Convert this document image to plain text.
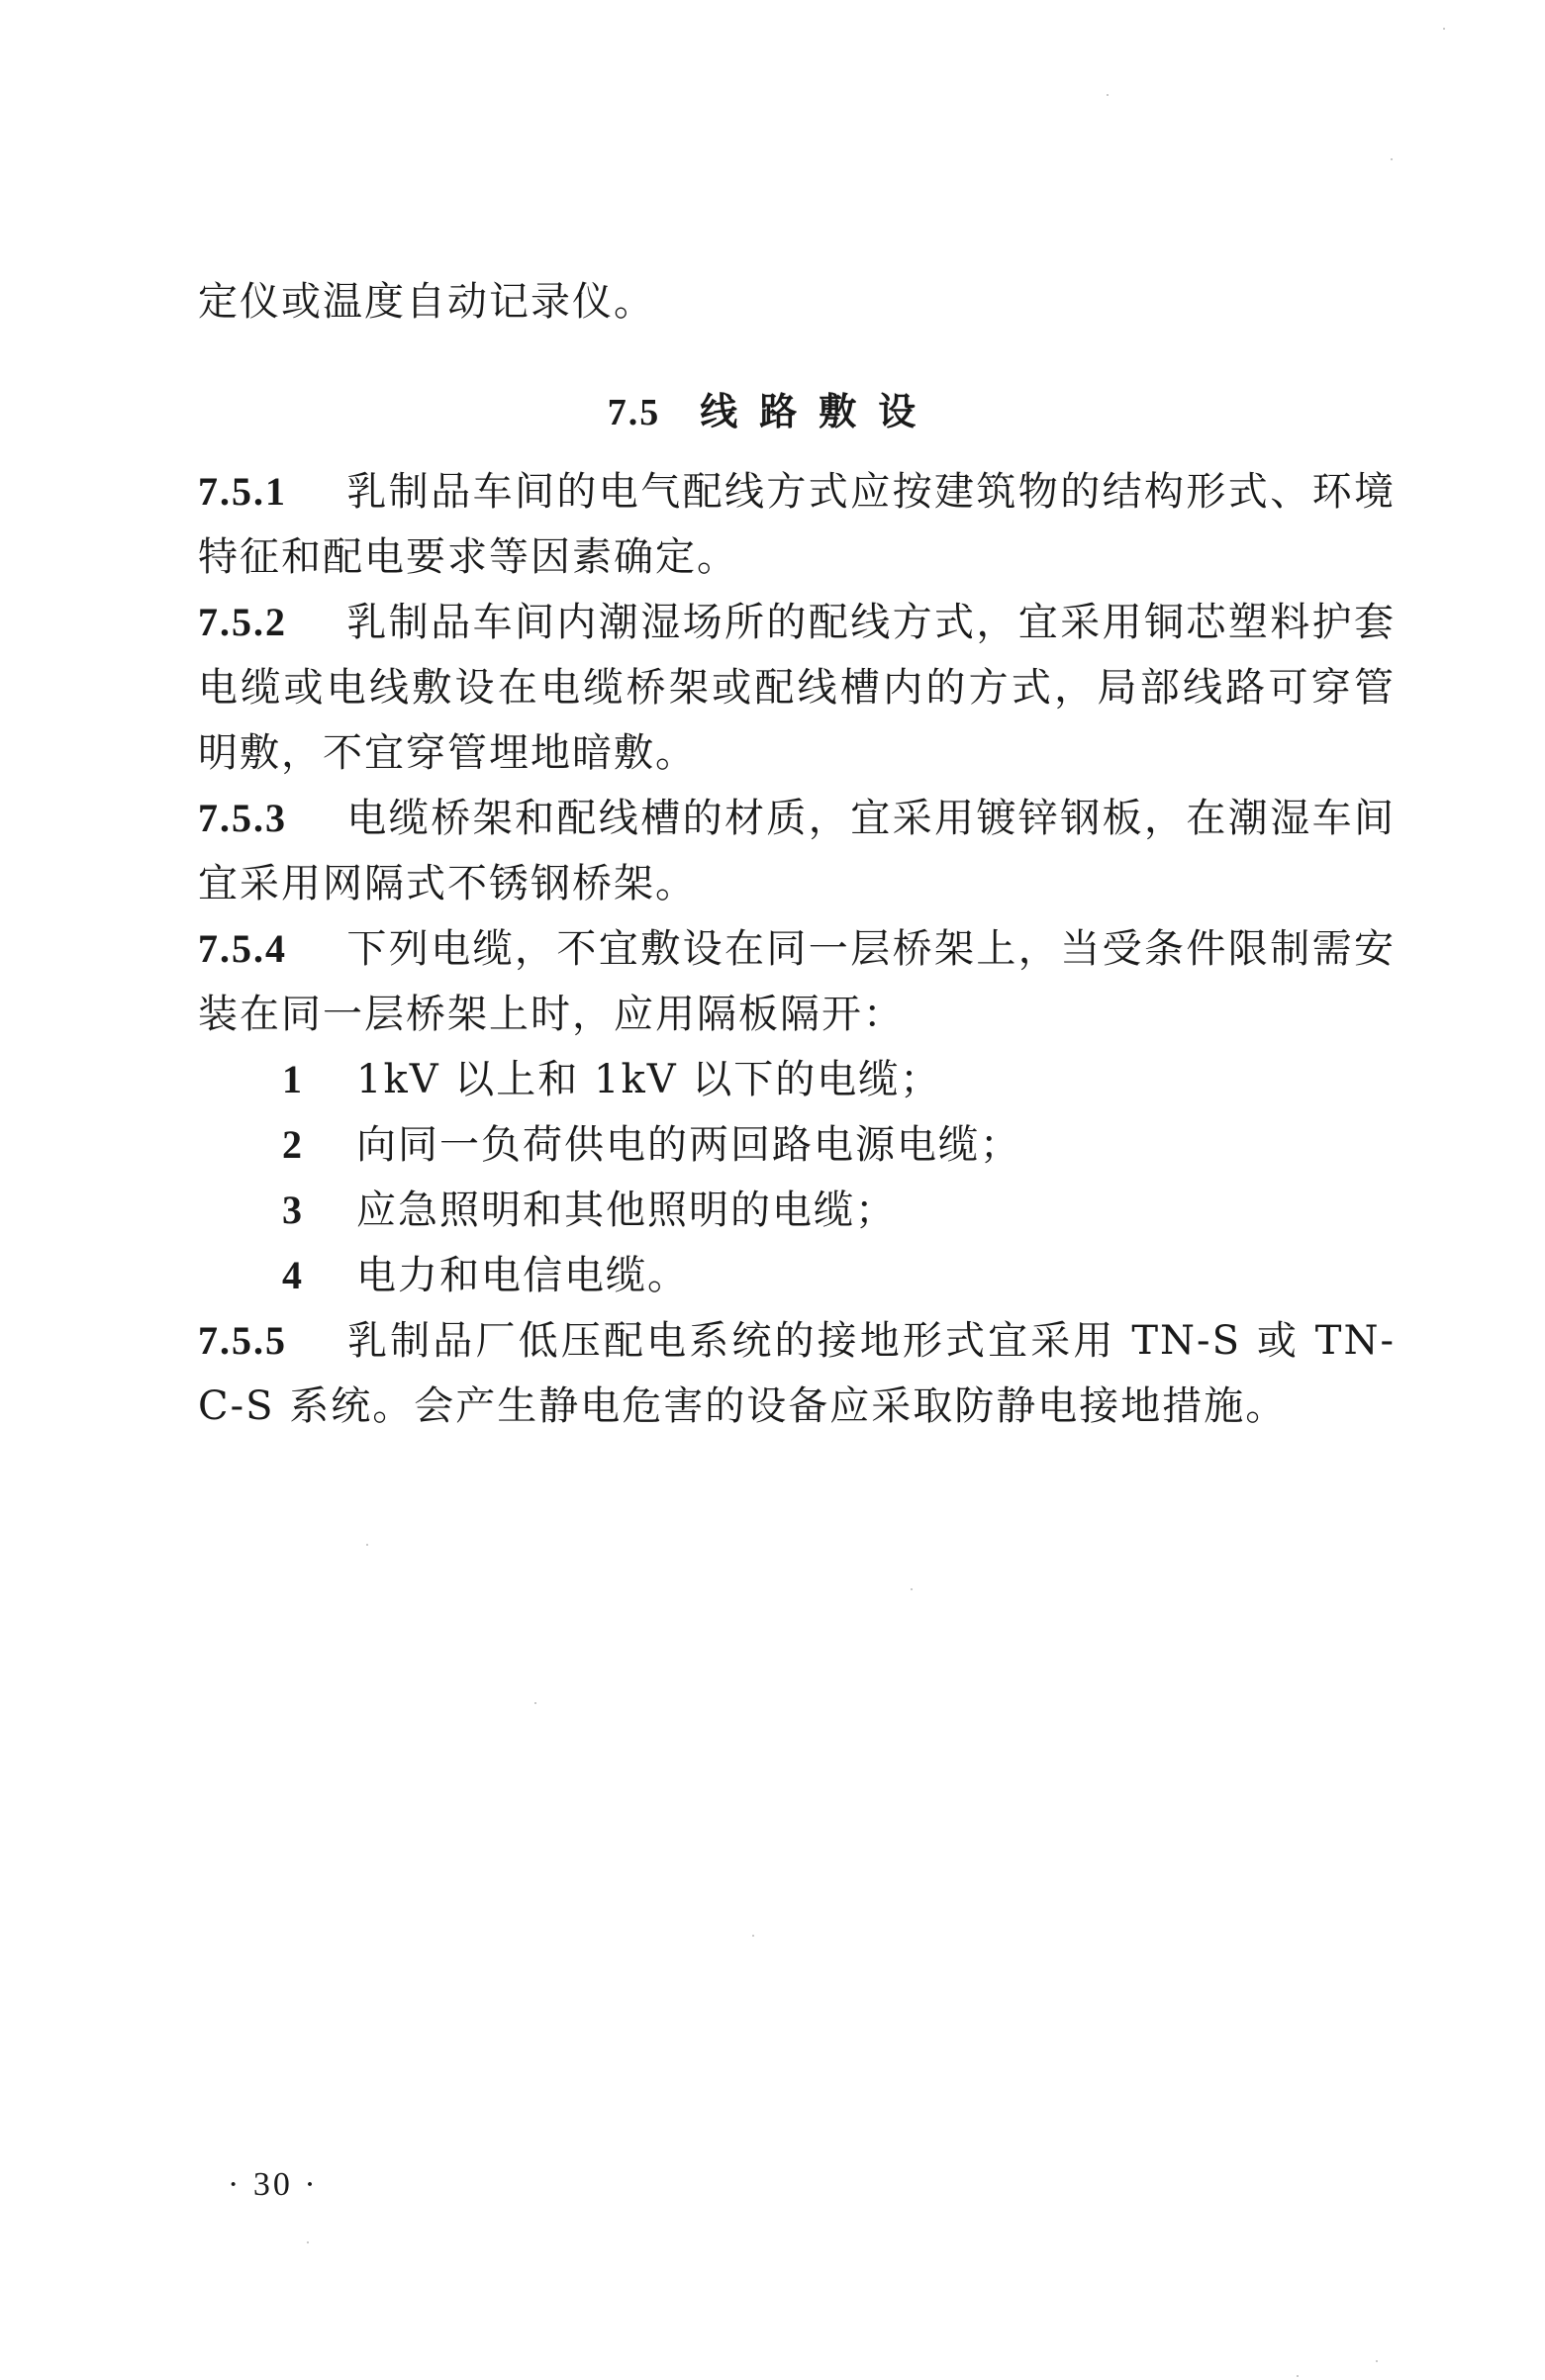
定仪或温度自动记录仪。
7.5 线路敷设
7.5.1 乳制品车间的电气配线方式应按建筑物的结构形式、环境
特征和配电要求等因素确定。
7.5.2 乳制品车间内潮湿场所的配线方式，宜采用铜芯塑料护套
电缆或电线敷设在电缆桥架或配线槽内的方式，局部线路可穿管
明敷，不宜穿管埋地暗敷。
7.5.3 电缆桥架和配线槽的材质，宜采用镀锌钢板，在潮湿车间
宜采用网隔式不锈钢桥架。
7.5.4 下列电缆，不宜敷设在同一层桥架上，当受条件限制需安
装在同一层桥架上时，应用隔板隔开：
1 1kV 以上和 1kV 以下的电缆；
2 向同一负荷供电的两回路电源电缆；
3 应急照明和其他照明的电缆；
4 电力和电信电缆。
7.5.5 乳制品厂低压配电系统的接地形式宜采用 TN-S 或 TN-
C-S 系统。会产生静电危害的设备应采取防静电接地措施。
· 30 ·
